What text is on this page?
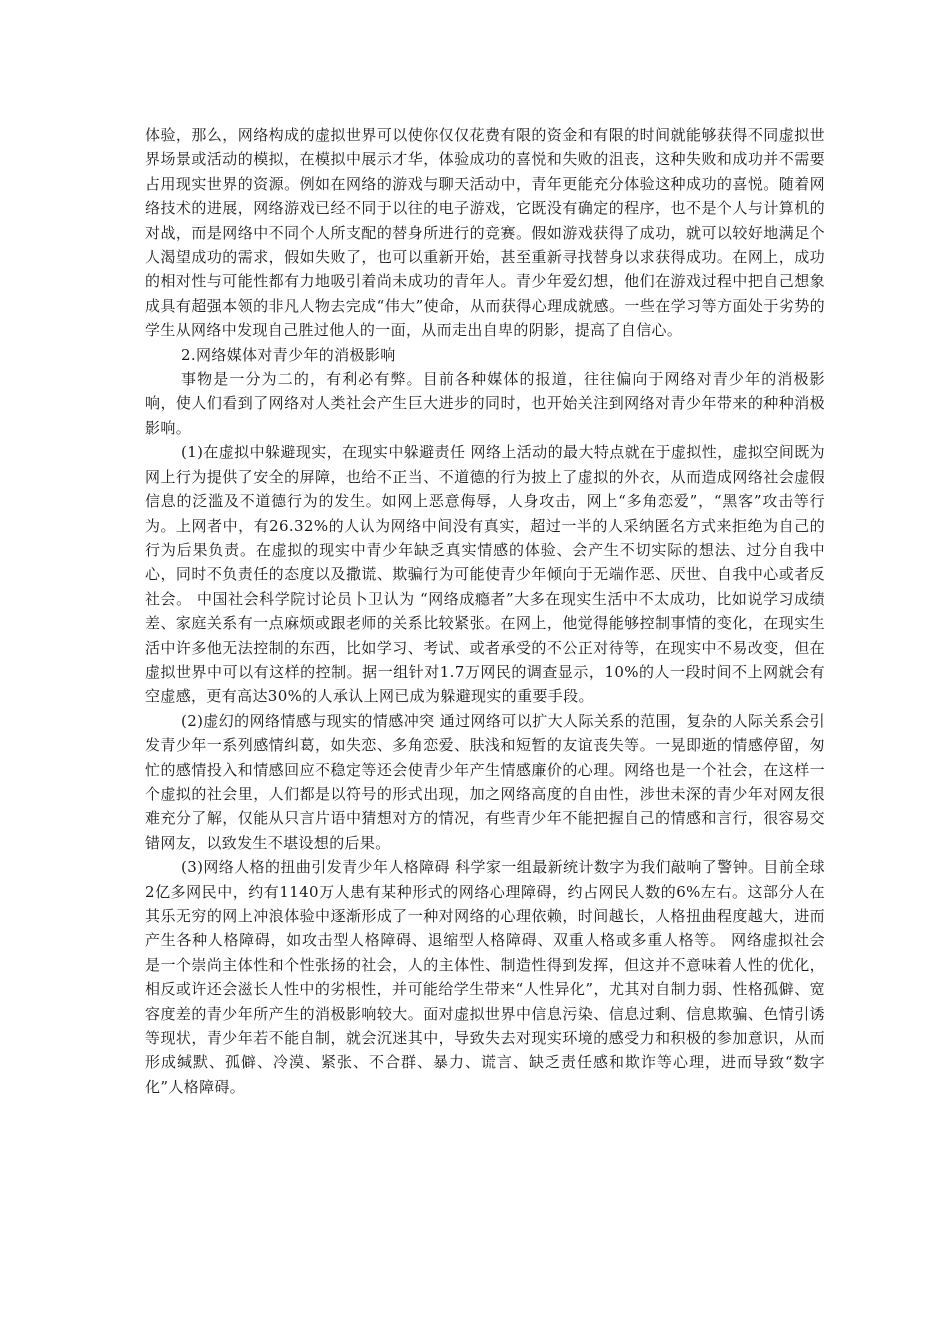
体验，那么，网络构成的虚拟世界可以使你仅仅花费有限的资金和有限的时间就能够获得不同虚拟世界场景或活动的模拟，在模拟中展示才华，体验成功的喜悦和失败的沮丧，这种失败和成功并不需要占用现实世界的资源。例如在网络的游戏与聊天活动中，青年更能充分体验这种成功的喜悦。随着网络技术的进展，网络游戏已经不同于以往的电子游戏，它既没有确定的程序，也不是个人与计算机的对战，而是网络中不同个人所支配的替身所进行的竞赛。假如游戏获得了成功，就可以较好地满足个人渴望成功的需求，假如失败了，也可以重新开始，甚至重新寻找替身以求获得成功。在网上，成功的相对性与可能性都有力地吸引着尚未成功的青年人。青少年爱幻想，他们在游戏过程中把自己想象成具有超强本领的非凡人物去完成“伟大”使命，从而获得心理成就感。一些在学习等方面处于劣势的学生从网络中发现自己胜过他人的一面，从而走出自卑的阴影，提高了自信心。

2.网络媒体对青少年的消极影响

事物是一分为二的，有利必有弊。目前各种媒体的报道，往往偏向于网络对青少年的消极影响，使人们看到了网络对人类社会产生巨大进步的同时，也开始关注到网络对青少年带来的种种消极影响。

(1)在虚拟中躲避现实，在现实中躲避责任 网络上活动的最大特点就在于虚拟性，虚拟空间既为网上行为提供了安全的屏障，也给不正当、不道德的行为披上了虚拟的外衣，从而造成网络社会虚假信息的泛滥及不道德行为的发生。如网上恶意侮辱，人身攻击，网上“多角恋爱”，“黑客”攻击等行为。上网者中，有26.32%的人认为网络中间没有真实，超过一半的人采纳匿名方式来拒绝为自己的行为后果负责。在虚拟的现实中青少年缺乏真实情感的体验、会产生不切实际的想法、过分自我中心，同时不负责任的态度以及撒谎、欺骗行为可能使青少年倾向于无端作恶、厌世、自我中心或者反社会。 中国社会科学院讨论员卜卫认为 “网络成瘾者”大多在现实生活中不太成功，比如说学习成绩差、家庭关系有一点麻烦或跟老师的关系比较紧张。在网上，他觉得能够控制事情的变化，在现实生活中许多他无法控制的东西，比如学习、考试、或者承受的不公正对待等，在现实中不易改变，但在虚拟世界中可以有这样的控制。据一组针对1.7万网民的调查显示，10%的人一段时间不上网就会有空虚感，更有高达30%的人承认上网已成为躲避现实的重要手段。

(2)虚幻的网络情感与现实的情感冲突 通过网络可以扩大人际关系的范围，复杂的人际关系会引发青少年一系列感情纠葛，如失恋、多角恋爱、肤浅和短暂的友谊丧失等。一晃即逝的情感停留，匆忙的感情投入和情感回应不稳定等还会使青少年产生情感廉价的心理。网络也是一个社会，在这样一个虚拟的社会里，人们都是以符号的形式出现，加之网络高度的自由性，涉世未深的青少年对网友很难充分了解，仅能从只言片语中猜想对方的情况，有些青少年不能把握自己的情感和言行，很容易交错网友，以致发生不堪设想的后果。

(3)网络人格的扭曲引发青少年人格障碍 科学家一组最新统计数字为我们敲响了警钟。目前全球2亿多网民中，约有1140万人患有某种形式的网络心理障碍，约占网民人数的6%左右。这部分人在其乐无穷的网上冲浪体验中逐渐形成了一种对网络的心理依赖，时间越长，人格扭曲程度越大，进而产生各种人格障碍，如攻击型人格障碍、退缩型人格障碍、双重人格或多重人格等。 网络虚拟社会是一个崇尚主体性和个性张扬的社会，人的主体性、制造性得到发挥，但这并不意味着人性的优化，相反或许还会滋长人性中的劣根性，并可能给学生带来“人性异化”，尤其对自制力弱、性格孤僻、宽容度差的青少年所产生的消极影响较大。面对虚拟世界中信息污染、信息过剩、信息欺骗、色情引诱等现状，青少年若不能自制，就会沉迷其中，导致失去对现实环境的感受力和积极的参加意识，从而形成缄默、孤僻、冷漠、紧张、不合群、暴力、谎言、缺乏责任感和欺诈等心理，进而导致“数字化”人格障碍。
